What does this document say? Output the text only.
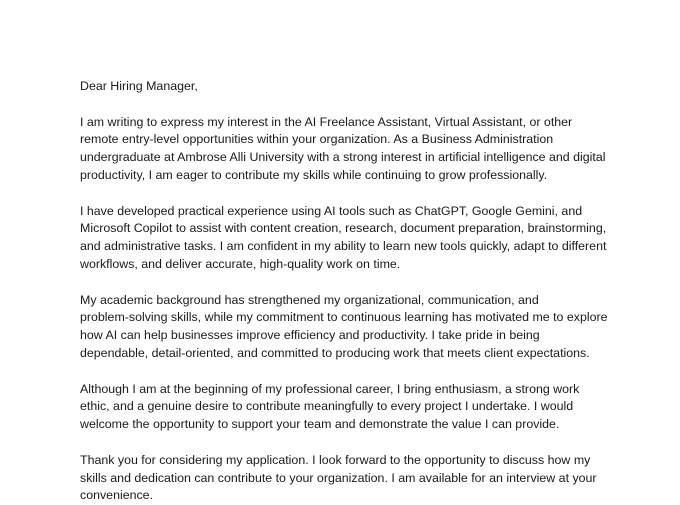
Dear Hiring Manager,
I am writing to express my interest in the AI Freelance Assistant, Virtual Assistant, or other
remote entry-level opportunities within your organization. As a Business Administration
undergraduate at Ambrose Alli University with a strong interest in artificial intelligence and digital
productivity, I am eager to contribute my skills while continuing to grow professionally.
I have developed practical experience using AI tools such as ChatGPT, Google Gemini, and
Microsoft Copilot to assist with content creation, research, document preparation, brainstorming,
and administrative tasks. I am confident in my ability to learn new tools quickly, adapt to different
workflows, and deliver accurate, high-quality work on time.
My academic background has strengthened my organizational, communication, and
problem-solving skills, while my commitment to continuous learning has motivated me to explore
how AI can help businesses improve efficiency and productivity. I take pride in being
dependable, detail-oriented, and committed to producing work that meets client expectations.
Although I am at the beginning of my professional career, I bring enthusiasm, a strong work
ethic, and a genuine desire to contribute meaningfully to every project I undertake. I would
welcome the opportunity to support your team and demonstrate the value I can provide.
Thank you for considering my application. I look forward to the opportunity to discuss how my
skills and dedication can contribute to your organization. I am available for an interview at your
convenience.
